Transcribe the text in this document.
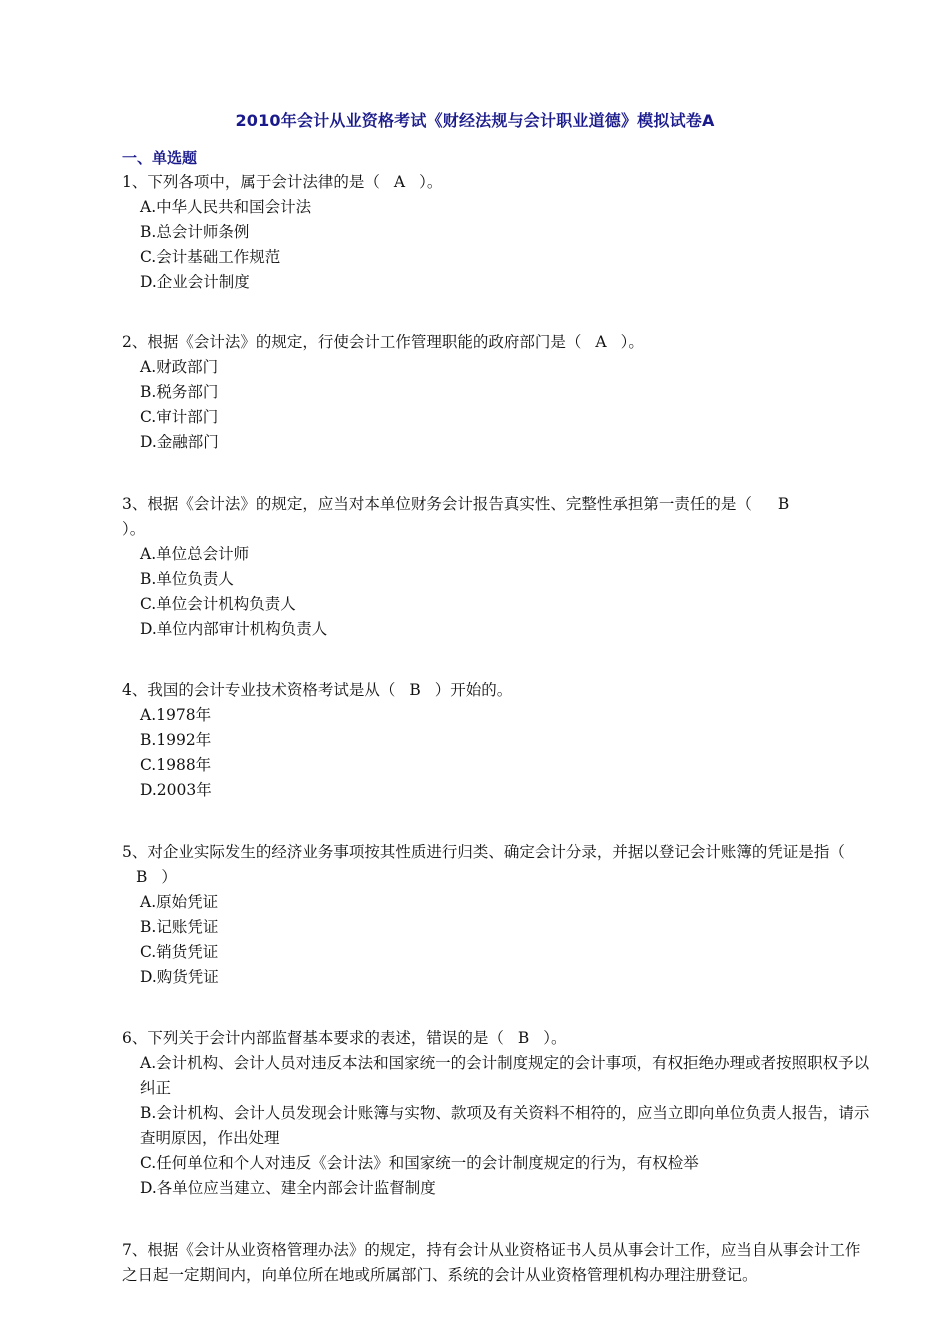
2010年会计从业资格考试《财经法规与会计职业道德》模拟试卷A
一、单选题

1、下列各项中，属于会计法律的是（ A ）。

A.中华人民共和国会计法

B.总会计师条例

C.会计基础工作规范

D.企业会计制度

2、根据《会计法》的规定，行使会计工作管理职能的政府部门是（ A ）。

A.财政部门

B.税务部门

C.审计部门

D.金融部门

3、根据《会计法》的规定，应当对本单位财务会计报告真实性、完整性承担第一责任的是（ B
）。

A.单位总会计师

B.单位负责人

C.单位会计机构负责人

D.单位内部审计机构负责人

4、我国的会计专业技术资格考试是从（ B ）开始的。

A.1978年

B.1992年

C.1988年

D.2003年

5、对企业实际发生的经济业务事项按其性质进行归类、确定会计分录，并据以登记会计账簿的凭证是指（B ）

A.原始凭证

B.记账凭证

C.销货凭证

D.购货凭证

6、下列关于会计内部监督基本要求的表述，错误的是（ B ）。

A.会计机构、会计人员对违反本法和国家统一的会计制度规定的会计事项，有权拒绝办理或者按照职权予以纠正

B.会计机构、会计人员发现会计账簿与实物、款项及有关资料不相符的，应当立即向单位负责人报告，请示查明原因，作出处理

C.任何单位和个人对违反《会计法》和国家统一的会计制度规定的行为，有权检举

D.各单位应当建立、建全内部会计监督制度

7、根据《会计从业资格管理办法》的规定，持有会计从业资格证书人员从事会计工作，应当自从事会计工作之日起一定期间内，向单位所在地或所属部门、系统的会计从业资格管理机构办理注册登记。
